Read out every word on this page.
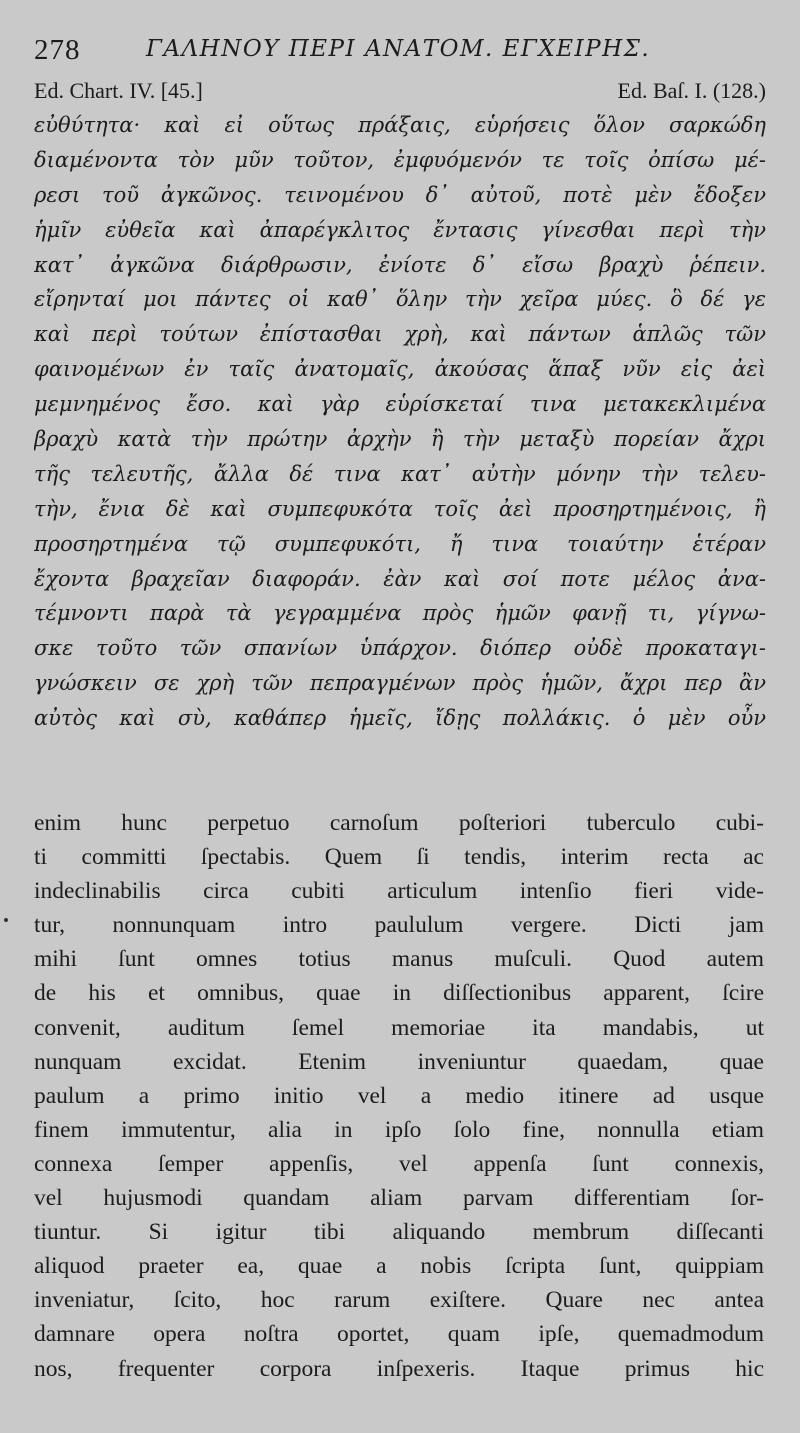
278	ΓΑΛΗΝΟΥ ΠΕΡΙ ΑΝΑΤΟΜ. ΕΓΧΕΙΡΗΣ.
Ed. Chart. IV. [45.]	Ed. Baſ. I. (128.)
εὐθύτητα· καὶ εἰ οὕτως πράξαις, εὑρήσεις ὅλον σαρκώδη
διαμένοντα τὸν μῦν τοῦτον, ἐμφυόμενόν τε τοῖς ὀπίσω μέ-
ρεσι τοῦ ἀγκῶνος. τεινομένου δ᾿ αὐτοῦ, ποτὲ μὲν ἔδοξεν
ἡμῖν εὐθεῖα καὶ ἀπαρέγκλιτος ἔντασις γίνεσθαι περὶ τὴν
κατ᾿ ἀγκῶνα διάρθρωσιν, ἐνίοτε δ᾿ εἴσω βραχὺ ῥέπειν.
εἴρηνταί μοι πάντες οἱ καθ᾿ ὅλην τὴν χεῖρα μύες. ὃ δέ γε
καὶ περὶ τούτων ἐπίστασθαι χρὴ, καὶ πάντων ἁπλῶς τῶν
φαινομένων ἐν ταῖς ἀνατομαῖς, ἀκούσας ἅπαξ νῦν εἰς ἀεὶ
μεμνημένος ἔσο. καὶ γὰρ εὑρίσκεταί τινα μετακεκλιμένα
βραχὺ κατὰ τὴν πρώτην ἀρχὴν ἢ τὴν μεταξὺ πορείαν ἄχρι
τῆς τελευτῆς, ἄλλα δέ τινα κατ᾿ αὐτὴν μόνην τὴν τελευ-
τὴν, ἔνια δὲ καὶ συμπεφυκότα τοῖς ἀεὶ προσηρτημένοις, ἢ
προσηρτημένα τῷ συμπεφυκότι, ἤ τινα τοιαύτην ἑτέραν
ἔχοντα βραχεῖαν διαφοράν. ἐὰν καὶ σοί ποτε μέλος ἀνα-
τέμνοντι παρὰ τὰ γεγραμμένα πρὸς ἡμῶν φανῇ τι, γίγνω-
σκε τοῦτο τῶν σπανίων ὑπάρχον. διόπερ οὐδὲ προκαταγι-
γνώσκειν σε χρὴ τῶν πεπραγμένων πρὸς ἡμῶν, ἄχρι περ ἂν
αὐτὸς καὶ σὺ, καθάπερ ἡμεῖς, ἴδῃς πολλάκις. ὁ μὲν οὖν
enim hunc perpetuo carnoſum poſteriori tuberculo cubi-
ti committi ſpectabis. Quem ſi tendis, interim recta ac
indeclinabilis circa cubiti articulum intenſio fieri vide-
tur, nonnunquam intro paululum vergere. Dicti jam
mihi ſunt omnes totius manus muſculi. Quod autem
de his et omnibus, quae in diſſectionibus apparent, ſcire
convenit, auditum ſemel memoriae ita mandabis, ut
nunquam excidat. Etenim inveniuntur quaedam, quae
paulum a primo initio vel a medio itinere ad usque
finem immutentur, alia in ipſo ſolo fine, nonnulla etiam
connexa ſemper appenſis, vel appenſa ſunt connexis,
vel hujusmodi quandam aliam parvam differentiam ſor-
tiuntur. Si igitur tibi aliquando membrum diſſecanti
aliquod praeter ea, quae a nobis ſcripta ſunt, quippiam
inveniatur, ſcito, hoc rarum exiſtere. Quare nec antea
damnare opera noſtra oportet, quam ipſe, quemadmodum
nos, frequenter corpora inſpexeris. Itaque primus hic
